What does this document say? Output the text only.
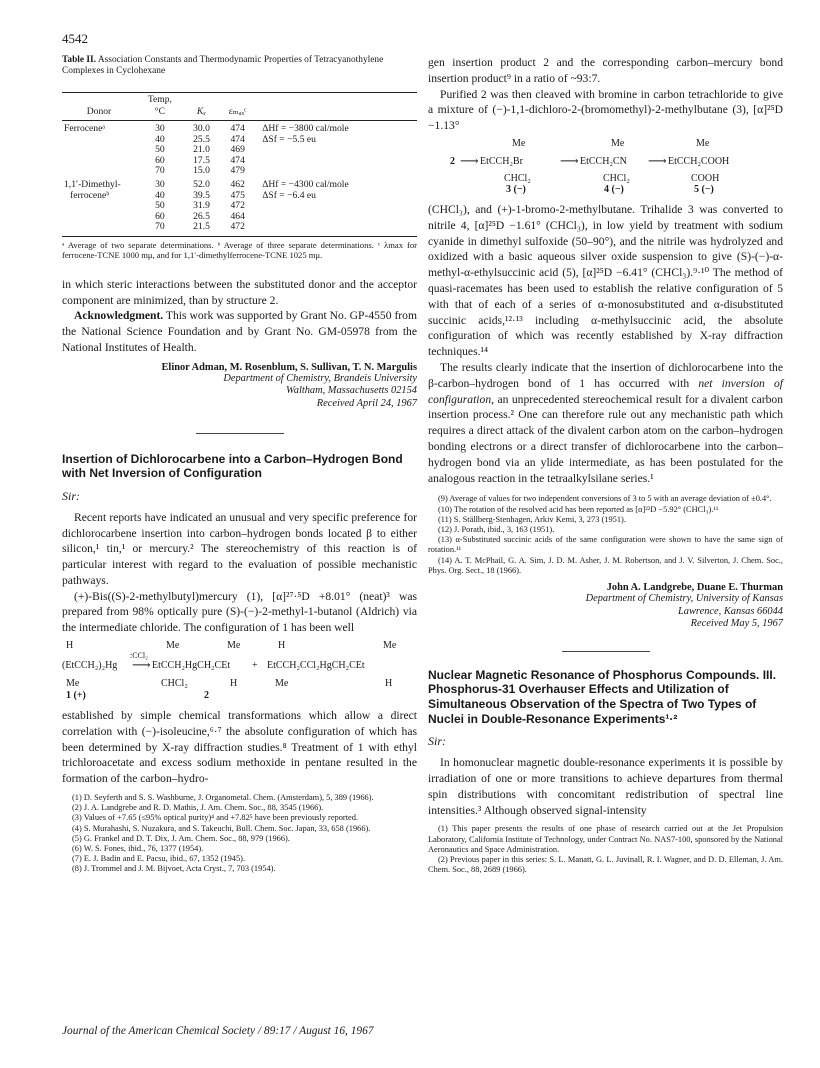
4542
Table II. Association Constants and Thermodynamic Properties of Tetracyanothylene Complexes in Cyclohexane
	Temp,			
Donor	°C	Kₓ	εₘₐₓᶜ	
Ferroceneᵃ	30	30.0	474	ΔHf = −3800 cal/mole
	40	25.5	474	ΔSf = −5.5 eu
	50	21.0	469	
	60	17.5	474	
	70	15.0	479	
1,1′-Dimethyl-	30	52.0	462	ΔHf = −4300 cal/mole
ferroceneᵇ	40	39.5	475	ΔSf = −6.4 eu
	50	31.9	472	
	60	26.5	464	
	70	21.5	472	
ᵃ Average of two separate determinations. ᵇ Average of three separate determinations. ᶜ λmax for ferrocene-TCNE 1000 mμ, and for 1,1′-dimethylferrocene-TCNE 1025 mμ.

in which steric interactions between the substituted donor and the acceptor component are minimized, than by structure 2.

Acknowledgment. This work was supported by Grant No. GP-4550 from the National Science Foundation and by Grant No. GM-05978 from the National Institutes of Health.

Elinor Adman, M. Rosenblum, S. Sullivan, T. N. Margulis
Department of Chemistry, Brandeis University
Waltham, Massachusetts 02154
Received April 24, 1967
Insertion of Dichlorocarbene into a Carbon–Hydrogen Bond with Net Inversion of Configuration
Sir:

Recent reports have indicated an unusual and very specific preference for dichlorocarbene insertion into carbon–hydrogen bonds located β to either silicon,¹ tin,¹ or mercury.² The stereochemistry of this reaction is of particular interest with regard to the evaluation of possible mechanistic pathways.

(+)-Bis((S)-2-methylbutyl)mercury (1), [α]²⁷·⁵D +8.01° (neat)³ was prepared from 98% optically pure (S)-(−)-2-methyl-1-butanol (Aldrich) via the intermediate chloride. The configuration of 1 has been well

H	Me	Me	H	Me
:CCl₂
(EtCCH₂)₂Hg ⟶ EtCCH₂HgCH₂CEt + EtCCH₂CCl₂HgCH₂CEt
Me	CHCl₂	H	Me	H
1 (+)	2

established by simple chemical transformations which allow a direct correlation with (−)-isoleucine,⁶·⁷ the absolute configuration of which has been determined by X-ray diffraction studies.⁸ Treatment of 1 with ethyl trichloroacetate and excess sodium methoxide in pentane resulted in the formation of the carbon–hydro-

(1) D. Seyferth and S. S. Washburne, J. Organometal. Chem. (Amsterdam), 5, 389 (1966).
(2) J. A. Landgrebe and R. D. Mathis, J. Am. Chem. Soc., 88, 3545 (1966).
(3) Values of +7.65 (≤95% optical purity)⁴ and +7.82⁵ have been previously reported.
(4) S. Murahashi, S. Nuzakura, and S. Takeuchi, Bull. Chem. Soc. Japan, 33, 658 (1966).
(5) G. Frankel and D. T. Dix, J. Am. Chem. Soc., 88, 979 (1966).
(6) W. S. Fones, ibid., 76, 1377 (1954).
(7) E. J. Badin and E. Pacsu, ibid., 67, 1352 (1945).
(8) J. Trommel and J. M. Bijvoet, Acta Cryst., 7, 703 (1954).

gen insertion product 2 and the corresponding carbon–mercury bond insertion product⁹ in a ratio of ~93:7.

Purified 2 was then cleaved with bromine in carbon tetrachloride to give a mixture of (−)-1,1-dichloro-2-(bromomethyl)-2-methylbutane (3), [α]²⁵D −1.13°

Me	Me	Me
2 ⟶ EtCCH₂Br	⟶ EtCCH₂CN ⟶ EtCCH₂COOH
CHCl₂	CHCl₂	COOH
3 (−)	4 (−)	5 (−)

(CHCl₃), and (+)-1-bromo-2-methylbutane. Trihalide 3 was converted to nitrile 4, [α]²⁵D −1.61° (CHCl₃), in low yield by treatment with sodium cyanide in dimethyl sulfoxide (50–90°), and the nitrile was hydrolyzed and oxidized with a basic aqueous silver oxide suspension to give (S)-(−)-α-methyl-α-ethylsuccinic acid (5), [α]²⁵D −6.41° (CHCl₃).⁹·¹⁰ The method of quasi-racemates has been used to establish the relative configuration of 5 with that of each of a series of α-monosubstituted and α-disubstituted succinic acids,¹²·¹³ including α-methylsuccinic acid, the absolute configuration of which was recently established by X-ray diffraction techniques.¹⁴

The results clearly indicate that the insertion of dichlorocarbene into the β-carbon–hydrogen bond of 1 has occurred with net inversion of configuration, an unprecedented stereochemical result for a divalent carbon insertion process.² One can therefore rule out any mechanistic path which requires a direct attack of the divalent carbon atom on the carbon–hydrogen bonding electrons or a direct transfer of dichlorocarbene into the carbon–hydrogen bond via an ylide intermediate, as has been postulated for the analogous reaction in the tetraalkylsilane series.¹

(9) Average of values for two independent conversions of 3 to 5 with an average deviation of ±0.4°.
(10) The rotation of the resolved acid has been reported as [α]²²D −5.92° (CHCl₃).¹¹
(11) S. Ställberg-Stenhagen, Arkiv Kemi, 3, 273 (1951).
(12) J. Porath, ibid., 3, 163 (1951).
(13) α-Substituted succinic acids of the same configuration were shown to have the same sign of rotation.¹¹
(14) A. T. McPhail, G. A. Sim, J. D. M. Asher, J. M. Robertson, and J. V. Silverton, J. Chem. Soc., Phys. Org. Sect., 18 (1966).
John A. Landgrebe, Duane E. Thurman
Department of Chemistry, University of Kansas
Lawrence, Kansas 66044
Received May 5, 1967
Nuclear Magnetic Resonance of Phosphorus Compounds. III. Phosphorus-31 Overhauser Effects and Utilization of Simultaneous Observation of the Spectra of Two Types of Nuclei in Double-Resonance Experiments¹·²
Sir:

In homonuclear magnetic double-resonance experiments it is possible by irradiation of one or more transitions to achieve departures from thermal spin distributions with concomitant redistribution of spectral line intensities.³ Although observed signal-intensity

(1) This paper presents the results of one phase of research carried out at the Jet Propulsion Laboratory, California Institute of Technology, under Contract No. NAS7-100, sponsored by the National Aeronautics and Space Administration.
(2) Previous paper in this series: S. L. Manatt, G. L. Juvinall, R. I. Wagner, and D. D. Elleman, J. Am. Chem. Soc., 88, 2689 (1966).
Journal of the American Chemical Society / 89:17 / August 16, 1967
